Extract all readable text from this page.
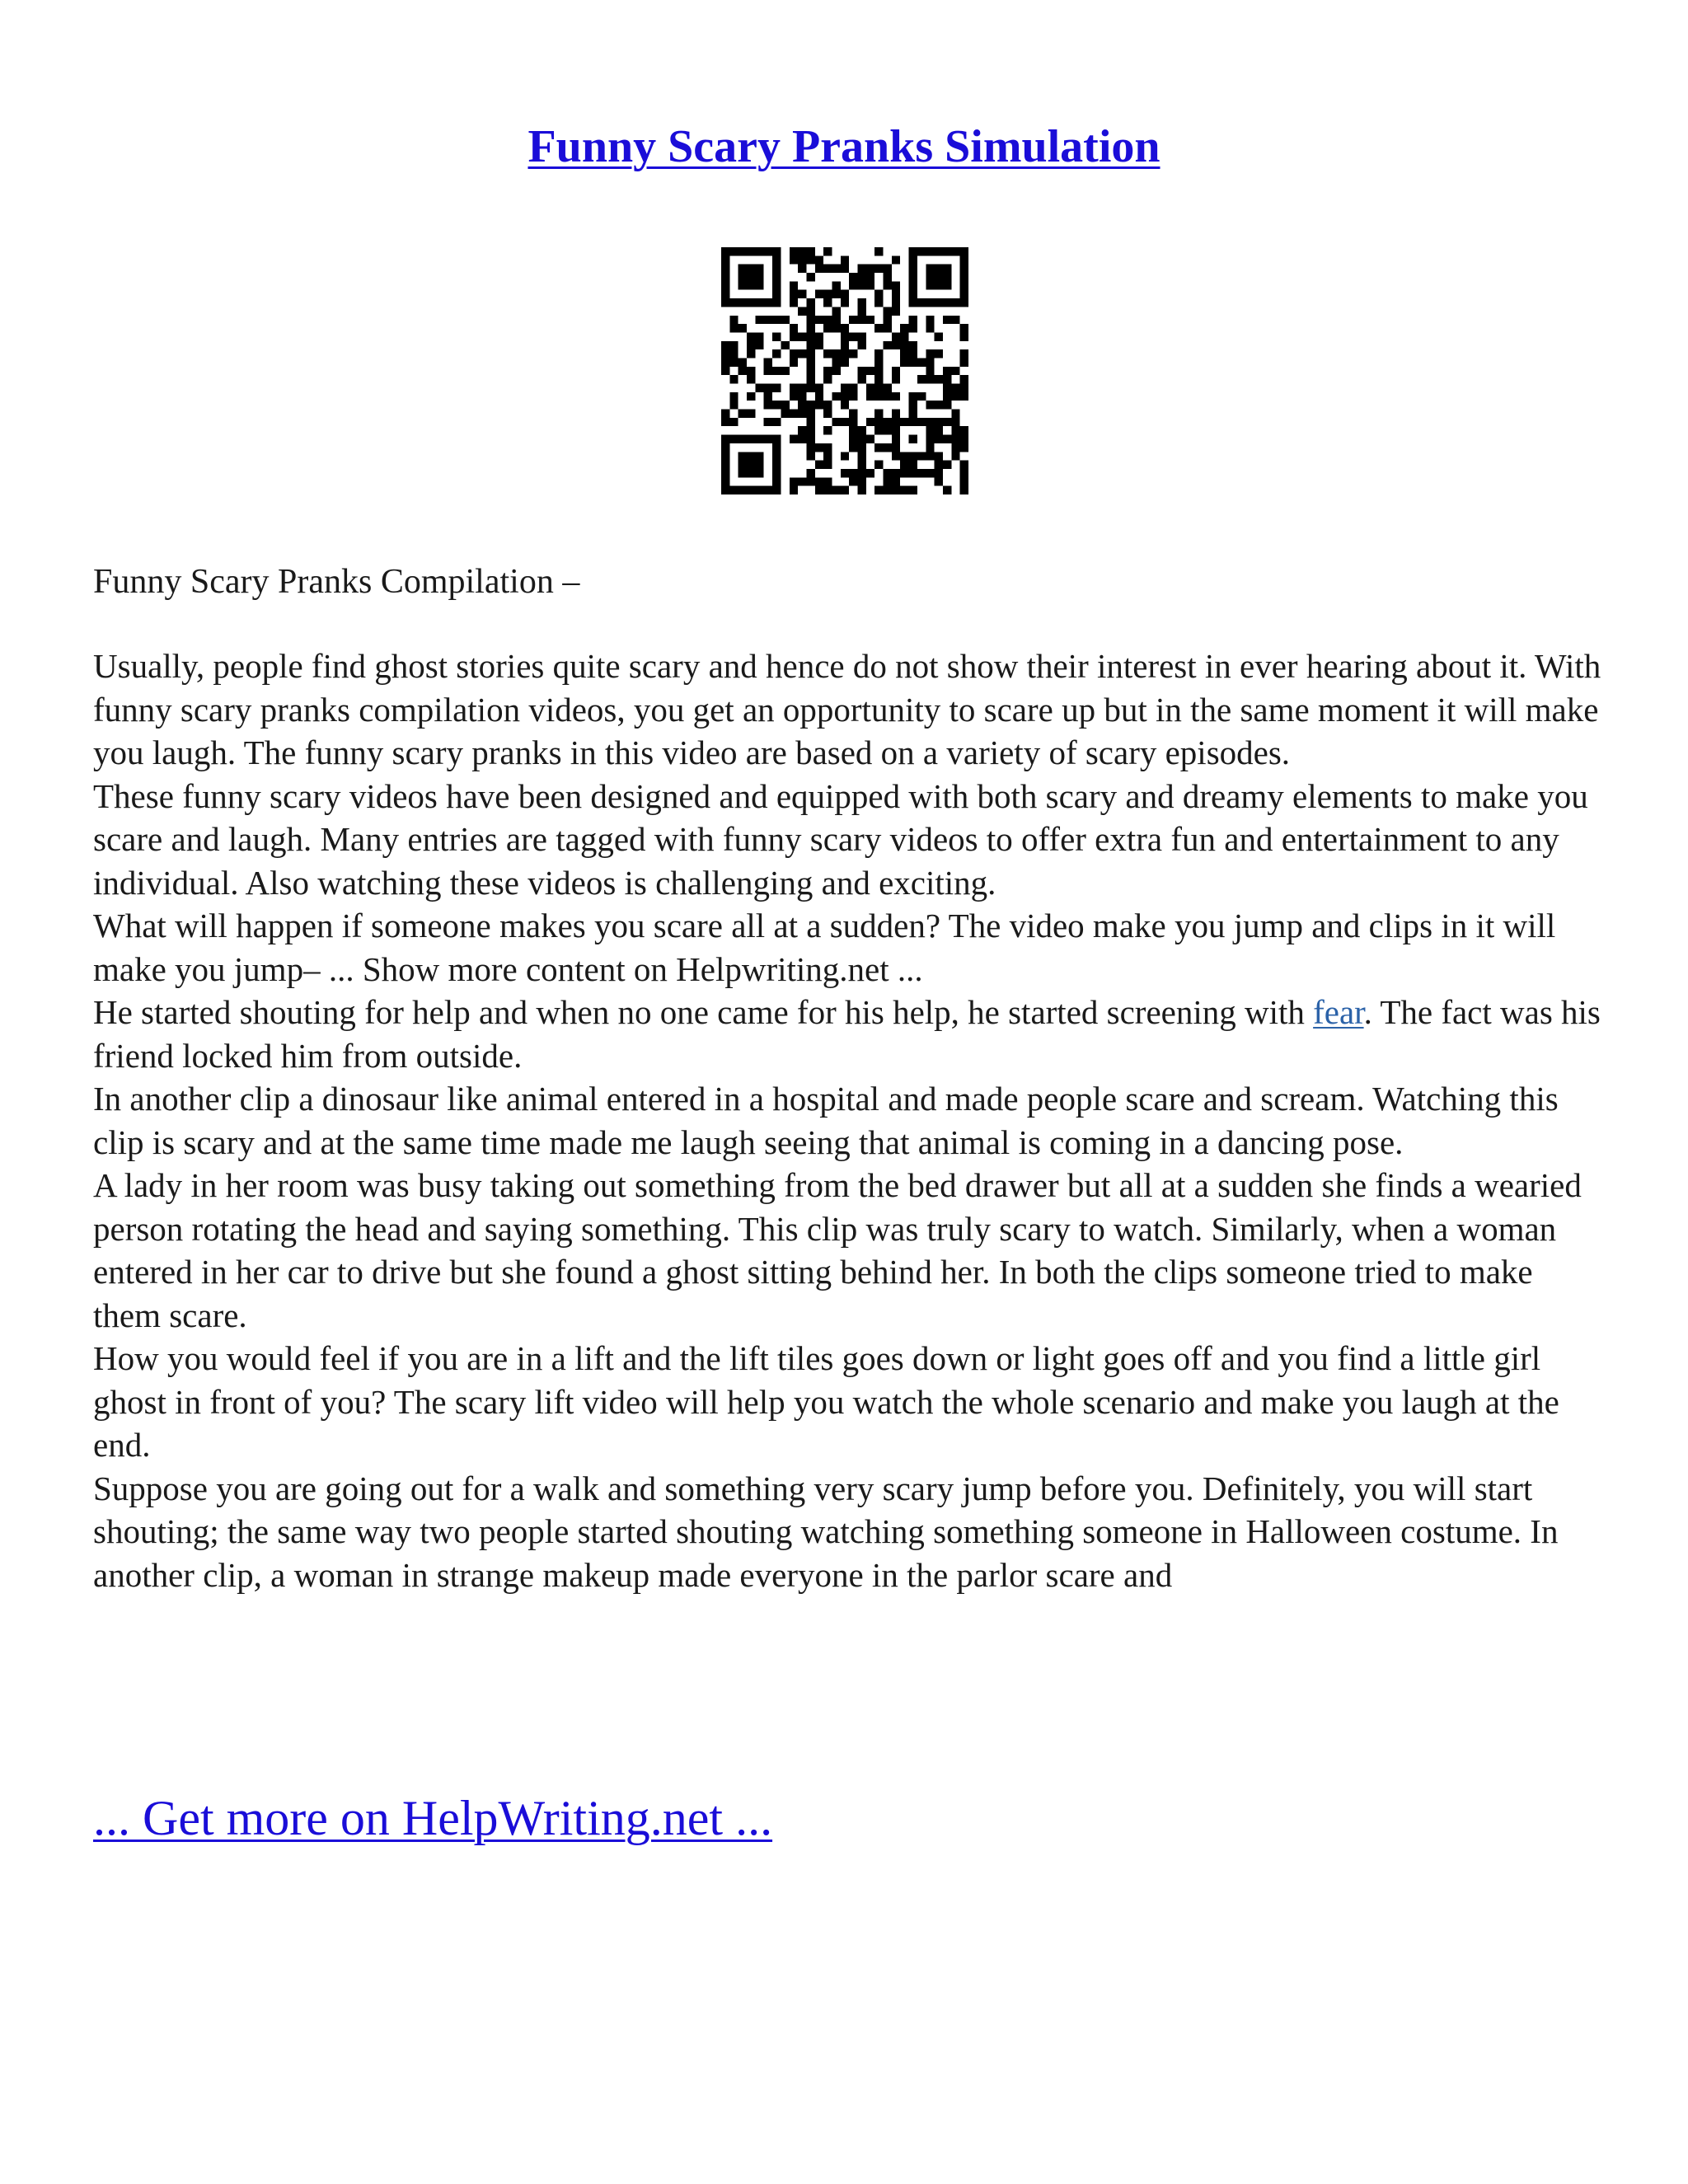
Funny Scary Pranks Simulation
Funny Scary Pranks Compilation –

Usually, people find ghost stories quite scary and hence do not show their interest in ever hearing about it. With funny scary pranks compilation videos, you get an opportunity to scare up but in the same moment it will make you laugh. The funny scary pranks in this video are based on a variety of scary episodes.

These funny scary videos have been designed and equipped with both scary and dreamy elements to make you scare and laugh. Many entries are tagged with funny scary videos to offer extra fun and entertainment to any individual. Also watching these videos is challenging and exciting.

What will happen if someone makes you scare all at a sudden? The video make you jump and clips in it will make you jump– ... Show more content on Helpwriting.net ...

He started shouting for help and when no one came for his help, he started screening with fear. The fact was his friend locked him from outside.

In another clip a dinosaur like animal entered in a hospital and made people scare and scream. Watching this clip is scary and at the same time made me laugh seeing that animal is coming in a dancing pose.

A lady in her room was busy taking out something from the bed drawer but all at a sudden she finds a wearied person rotating the head and saying something. This clip was truly scary to watch. Similarly, when a woman entered in her car to drive but she found a ghost sitting behind her. In both the clips someone tried to make them scare.

How you would feel if you are in a lift and the lift tiles goes down or light goes off and you find a little girl ghost in front of you? The scary lift video will help you watch the whole scenario and make you laugh at the end.

Suppose you are going out for a walk and something very scary jump before you. Definitely, you will start shouting; the same way two people started shouting watching something someone in Halloween costume. In another clip, a woman in strange makeup made everyone in the parlor scare and

... Get more on HelpWriting.net ...
